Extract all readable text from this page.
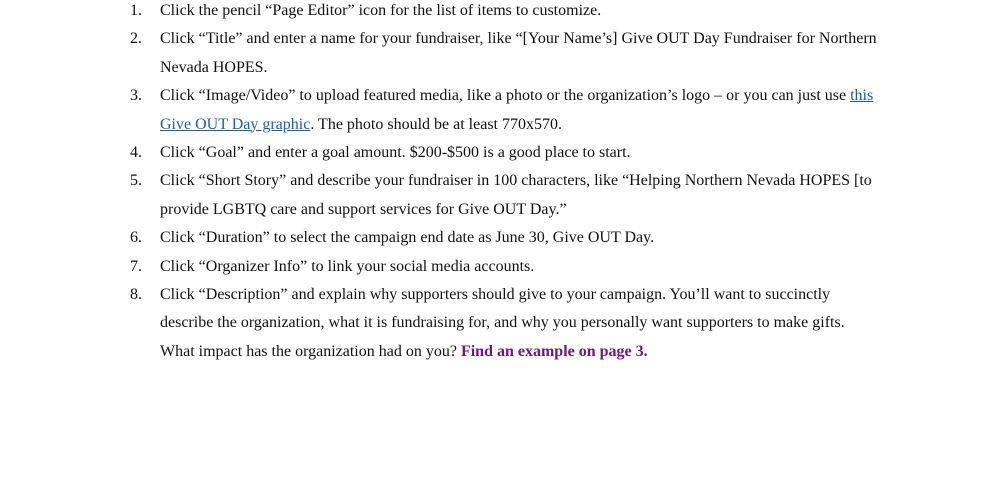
1.	Click the pencil “Page Editor” icon for the list of items to customize.
2.	Click “Title” and enter a name for your fundraiser, like “[Your Name’s] Give OUT Day Fundraiser for Northern Nevada HOPES.
3.	Click “Image/Video” to upload featured media, like a photo or the organization’s logo – or you can just use this Give OUT Day graphic. The photo should be at least 770x570.
4.	Click “Goal” and enter a goal amount. $200-$500 is a good place to start.
5.	Click “Short Story” and describe your fundraiser in 100 characters, like “Helping Northern Nevada HOPES [to provide LGBTQ care and support services for Give OUT Day.”
6.	Click “Duration” to select the campaign end date as June 30, Give OUT Day.
7.	Click “Organizer Info” to link your social media accounts.
8.	Click “Description” and explain why supporters should give to your campaign. You’ll want to succinctly describe the organization, what it is fundraising for, and why you personally want supporters to make gifts. What impact has the organization had on you? Find an example on page 3.
